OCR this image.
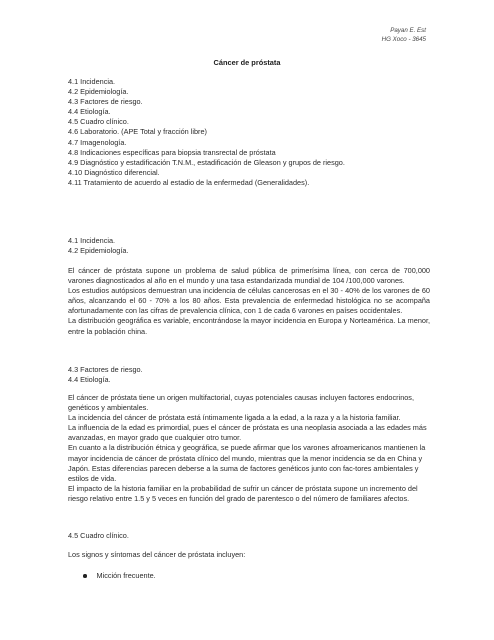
Payan E. Est
HG Xoco - 3645
Cáncer de próstata

4.1 Incidencia.

4.2 Epidemiología.

4.3 Factores de riesgo.

4.4 Etiología.

4.5 Cuadro clínico.

4.6 Laboratorio. (APE Total y fracción libre)

4.7 Imagenología.

4.8 Indicaciones específicas para biopsia transrectal de próstata

4.9 Diagnóstico y estadificación T.N.M., estadificación de Gleason y grupos de riesgo.

4.10 Diagnóstico diferencial.

4.11 Tratamiento de acuerdo al estadio de la enfermedad (Generalidades).

4.1 Incidencia.

4.2 Epidemiología.

El cáncer de próstata supone un problema de salud pública de primerísima línea, con cerca de 700,000 varones diagnosticados al año en el mundo y una tasa estandarizada mundial de 104 /100,000 varones.

Los estudios autópsicos demuestran una incidencia de células cancerosas en el 30 - 40% de los varones de 60 años, alcanzando el 60 - 70% a los 80 años. Esta prevalencia de enfermedad histológica no se acompaña afortunadamente con las cifras de prevalencia clínica, con 1 de cada 6 varones en países occidentales.

La distribución geográfica es variable, encontrándose la mayor incidencia en Europa y Norteamérica. La menor, entre la población china.

4.3 Factores de riesgo.

4.4 Etiología.

El cáncer de próstata tiene un origen multifactorial, cuyas potenciales causas incluyen factores endocrinos, genéticos y ambientales.

La incidencia del cáncer de próstata está íntimamente ligada a la edad, a la raza y a la historia familiar.

La influencia de la edad es primordial, pues el cáncer de próstata es una neoplasia asociada a las edades más avanzadas, en mayor grado que cualquier otro tumor.

En cuanto a la distribución étnica y geográfica, se puede afirmar que los varones afroamericanos mantienen la mayor incidencia de cáncer de próstata clínico del mundo, mientras que la menor incidencia se da en China y Japón. Estas diferencias parecen deberse a la suma de factores genéticos junto con fac-tores ambientales y estilos de vida.

El impacto de la historia familiar en la probabilidad de sufrir un cáncer de próstata supone un incremento del riesgo relativo entre 1.5 y 5 veces en función del grado de parentesco o del número de familiares afectos.

4.5 Cuadro clínico.

Los signos y síntomas del cáncer de próstata incluyen:

Micción frecuente.
